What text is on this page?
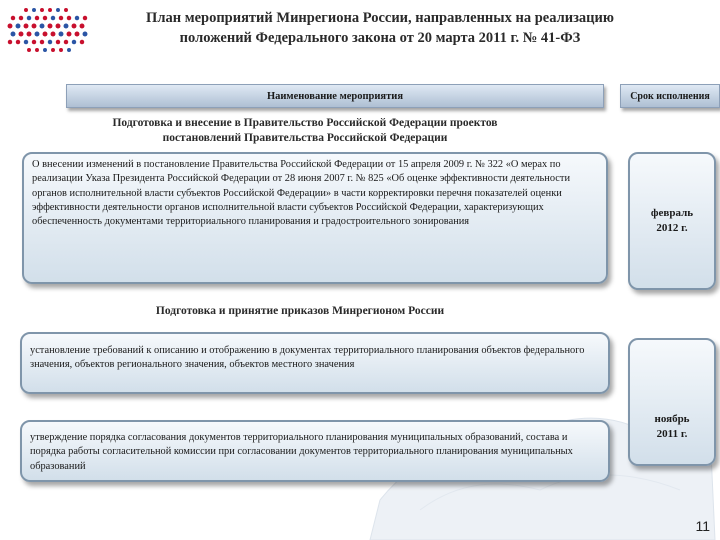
План мероприятий Минрегиона России, направленных на реализацию
положений Федерального закона от 20 марта 2011 г. № 41-ФЗ
Наименование мероприятия	Срок исполнения
Подготовка и внесение в Правительство Российской Федерации проектов
постановлений Правительства Российской Федерации
О внесении изменений в постановление Правительства Российской Федерации от 15 апреля 2009 г. № 322 «О мерах по реализации Указа Президента Российской Федерации от 28 июня 2007 г. № 825 «Об оценке эффективности деятельности органов исполнительной власти субъектов Российской Федерации» в части корректировки перечня показателей оценки эффективности деятельности органов исполнительной власти субъектов Российской Федерации, характеризующих обеспеченность документами территориального планирования и градостроительного зонирования
февраль
2012 г.
Подготовка и принятие приказов Минрегионом России
установление требований к описанию и отображению в документах территориального планирования объектов федерального значения, объектов регионального значения, объектов местного значения
утверждение порядка согласования документов территориального планирования муниципальных образований, состава и порядка работы согласительной комиссии при согласовании документов территориального планирования муниципальных образований
ноябрь
2011 г.
11
